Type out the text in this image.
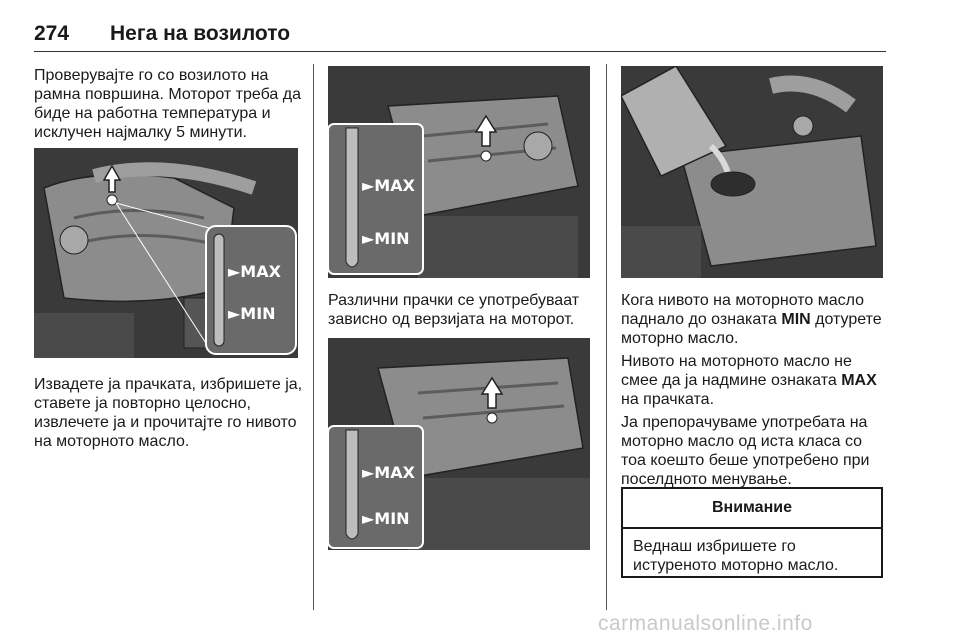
274 Нега на возилото

Проверувајте го со возилото на рамна површина. Моторот треба да биде на работна температура и исклучен најмалку 5 минути.

►MAX
►MIN

Извадете ја прачката, избришете ја, ставете ја повторно целосно, извлечете ја и прочитајте го нивото на моторното масло.

►MAX
►MIN

Различни прачки се употребуваат зависно од верзијата на моторот.

►MAX
►MIN

Кога нивото на моторното масло паднало до ознаката MIN дотурете моторно масло.

Нивото на моторното масло не смее да ја надмине ознаката MAX на прачката.

Ја препорачуваме употребата на моторно масло од иста класа со тоа коешто беше употребено при поселдното менување.

Внимание
Веднаш избришете го истуреното моторно масло.
carmanualsonline.info
